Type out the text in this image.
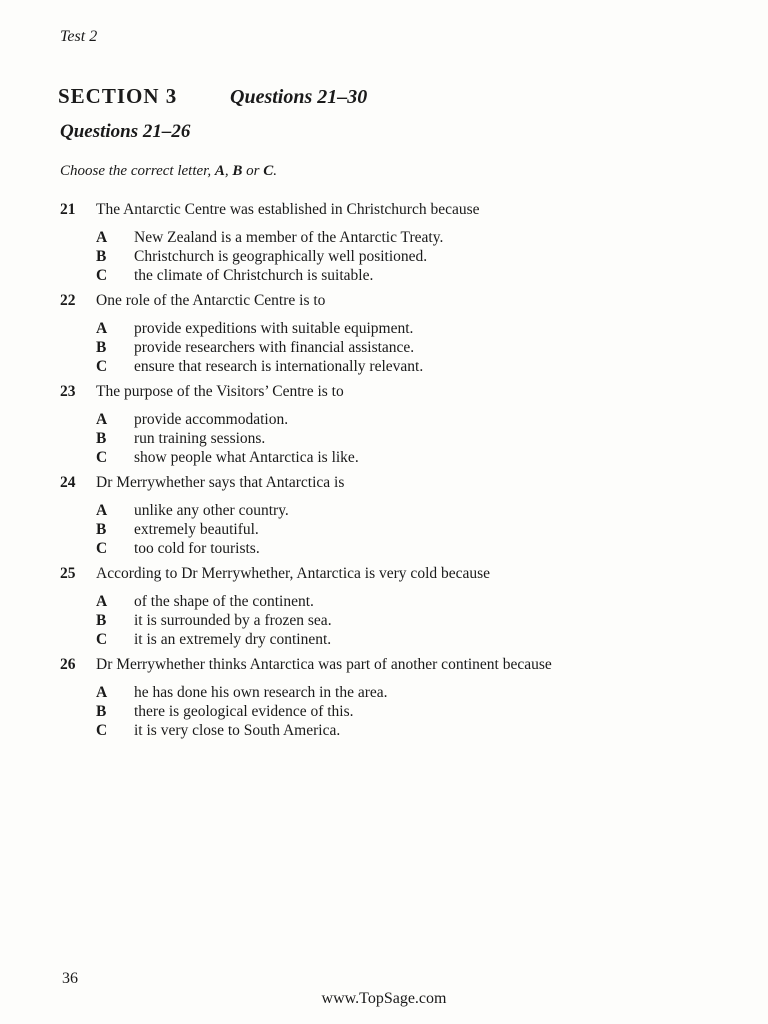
Test 2
SECTION 3	Questions 21–30
Questions 21–26
Choose the correct letter, A, B or C.
21	The Antarctic Centre was established in Christchurch because
A	New Zealand is a member of the Antarctic Treaty.
B	Christchurch is geographically well positioned.
C	the climate of Christchurch is suitable.
22	One role of the Antarctic Centre is to
A	provide expeditions with suitable equipment.
B	provide researchers with financial assistance.
C	ensure that research is internationally relevant.
23	The purpose of the Visitors’ Centre is to
A	provide accommodation.
B	run training sessions.
C	show people what Antarctica is like.
24	Dr Merrywhether says that Antarctica is
A	unlike any other country.
B	extremely beautiful.
C	too cold for tourists.
25	According to Dr Merrywhether, Antarctica is very cold because
A	of the shape of the continent.
B	it is surrounded by a frozen sea.
C	it is an extremely dry continent.
26	Dr Merrywhether thinks Antarctica was part of another continent because
A	he has done his own research in the area.
B	there is geological evidence of this.
C	it is very close to South America.
36
www.TopSage.com
